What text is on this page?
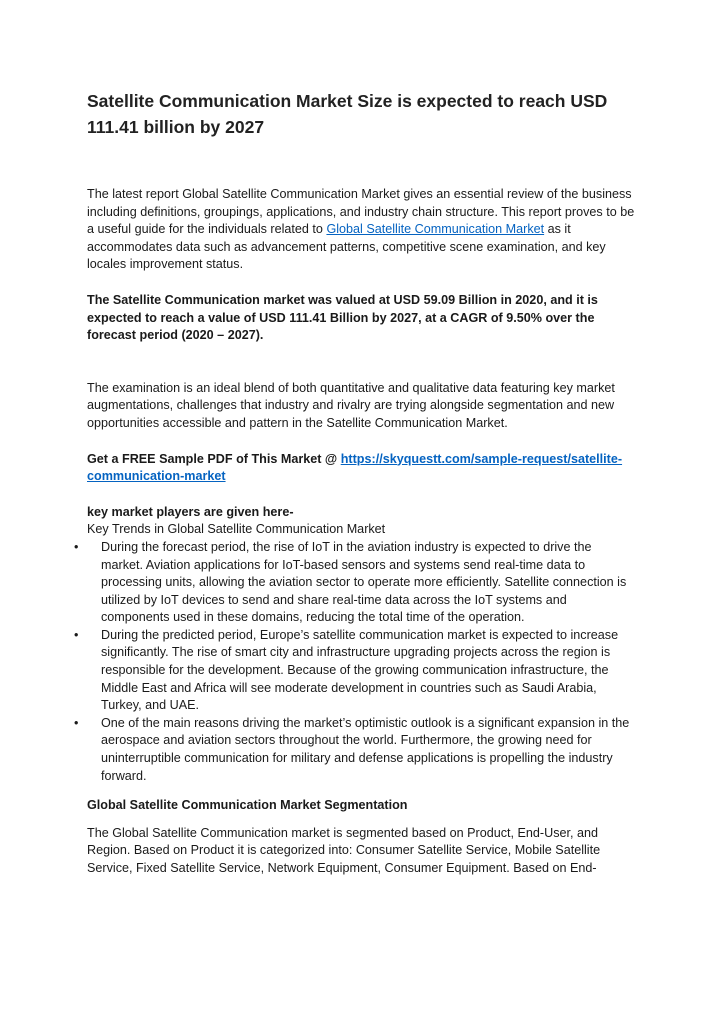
Satellite Communication Market Size is expected to reach USD 111.41 billion by 2027

The latest report Global Satellite Communication Market gives an essential review of the business including definitions, groupings, applications, and industry chain structure. This report proves to be a useful guide for the individuals related to Global Satellite Communication Market as it accommodates data such as advancement patterns, competitive scene examination, and key locales improvement status.

The Satellite Communication market was valued at USD 59.09 Billion in 2020, and it is expected to reach a value of USD 111.41 Billion by 2027, at a CAGR of 9.50% over the forecast period (2020 – 2027).

The examination is an ideal blend of both quantitative and qualitative data featuring key market augmentations, challenges that industry and rivalry are trying alongside segmentation and new opportunities accessible and pattern in the Satellite Communication Market.

Get a FREE Sample PDF of This Market @ https://skyquestt.com/sample-request/satellite-communication-market

key market players are given here-

Key Trends in Global Satellite Communication Market

• During the forecast period, the rise of IoT in the aviation industry is expected to drive the market. Aviation applications for IoT-based sensors and systems send real-time data to processing units, allowing the aviation sector to operate more efficiently. Satellite connection is utilized by IoT devices to send and share real-time data across the IoT systems and components used in these domains, reducing the total time of the operation.
• During the predicted period, Europe’s satellite communication market is expected to increase significantly. The rise of smart city and infrastructure upgrading projects across the region is responsible for the development. Because of the growing communication infrastructure, the Middle East and Africa will see moderate development in countries such as Saudi Arabia, Turkey, and UAE.
• One of the main reasons driving the market’s optimistic outlook is a significant expansion in the aerospace and aviation sectors throughout the world. Furthermore, the growing need for uninterruptible communication for military and defense applications is propelling the industry forward.

Global Satellite Communication Market Segmentation

The Global Satellite Communication market is segmented based on Product, End-User, and Region. Based on Product it is categorized into: Consumer Satellite Service, Mobile Satellite Service, Fixed Satellite Service, Network Equipment, Consumer Equipment. Based on End-
